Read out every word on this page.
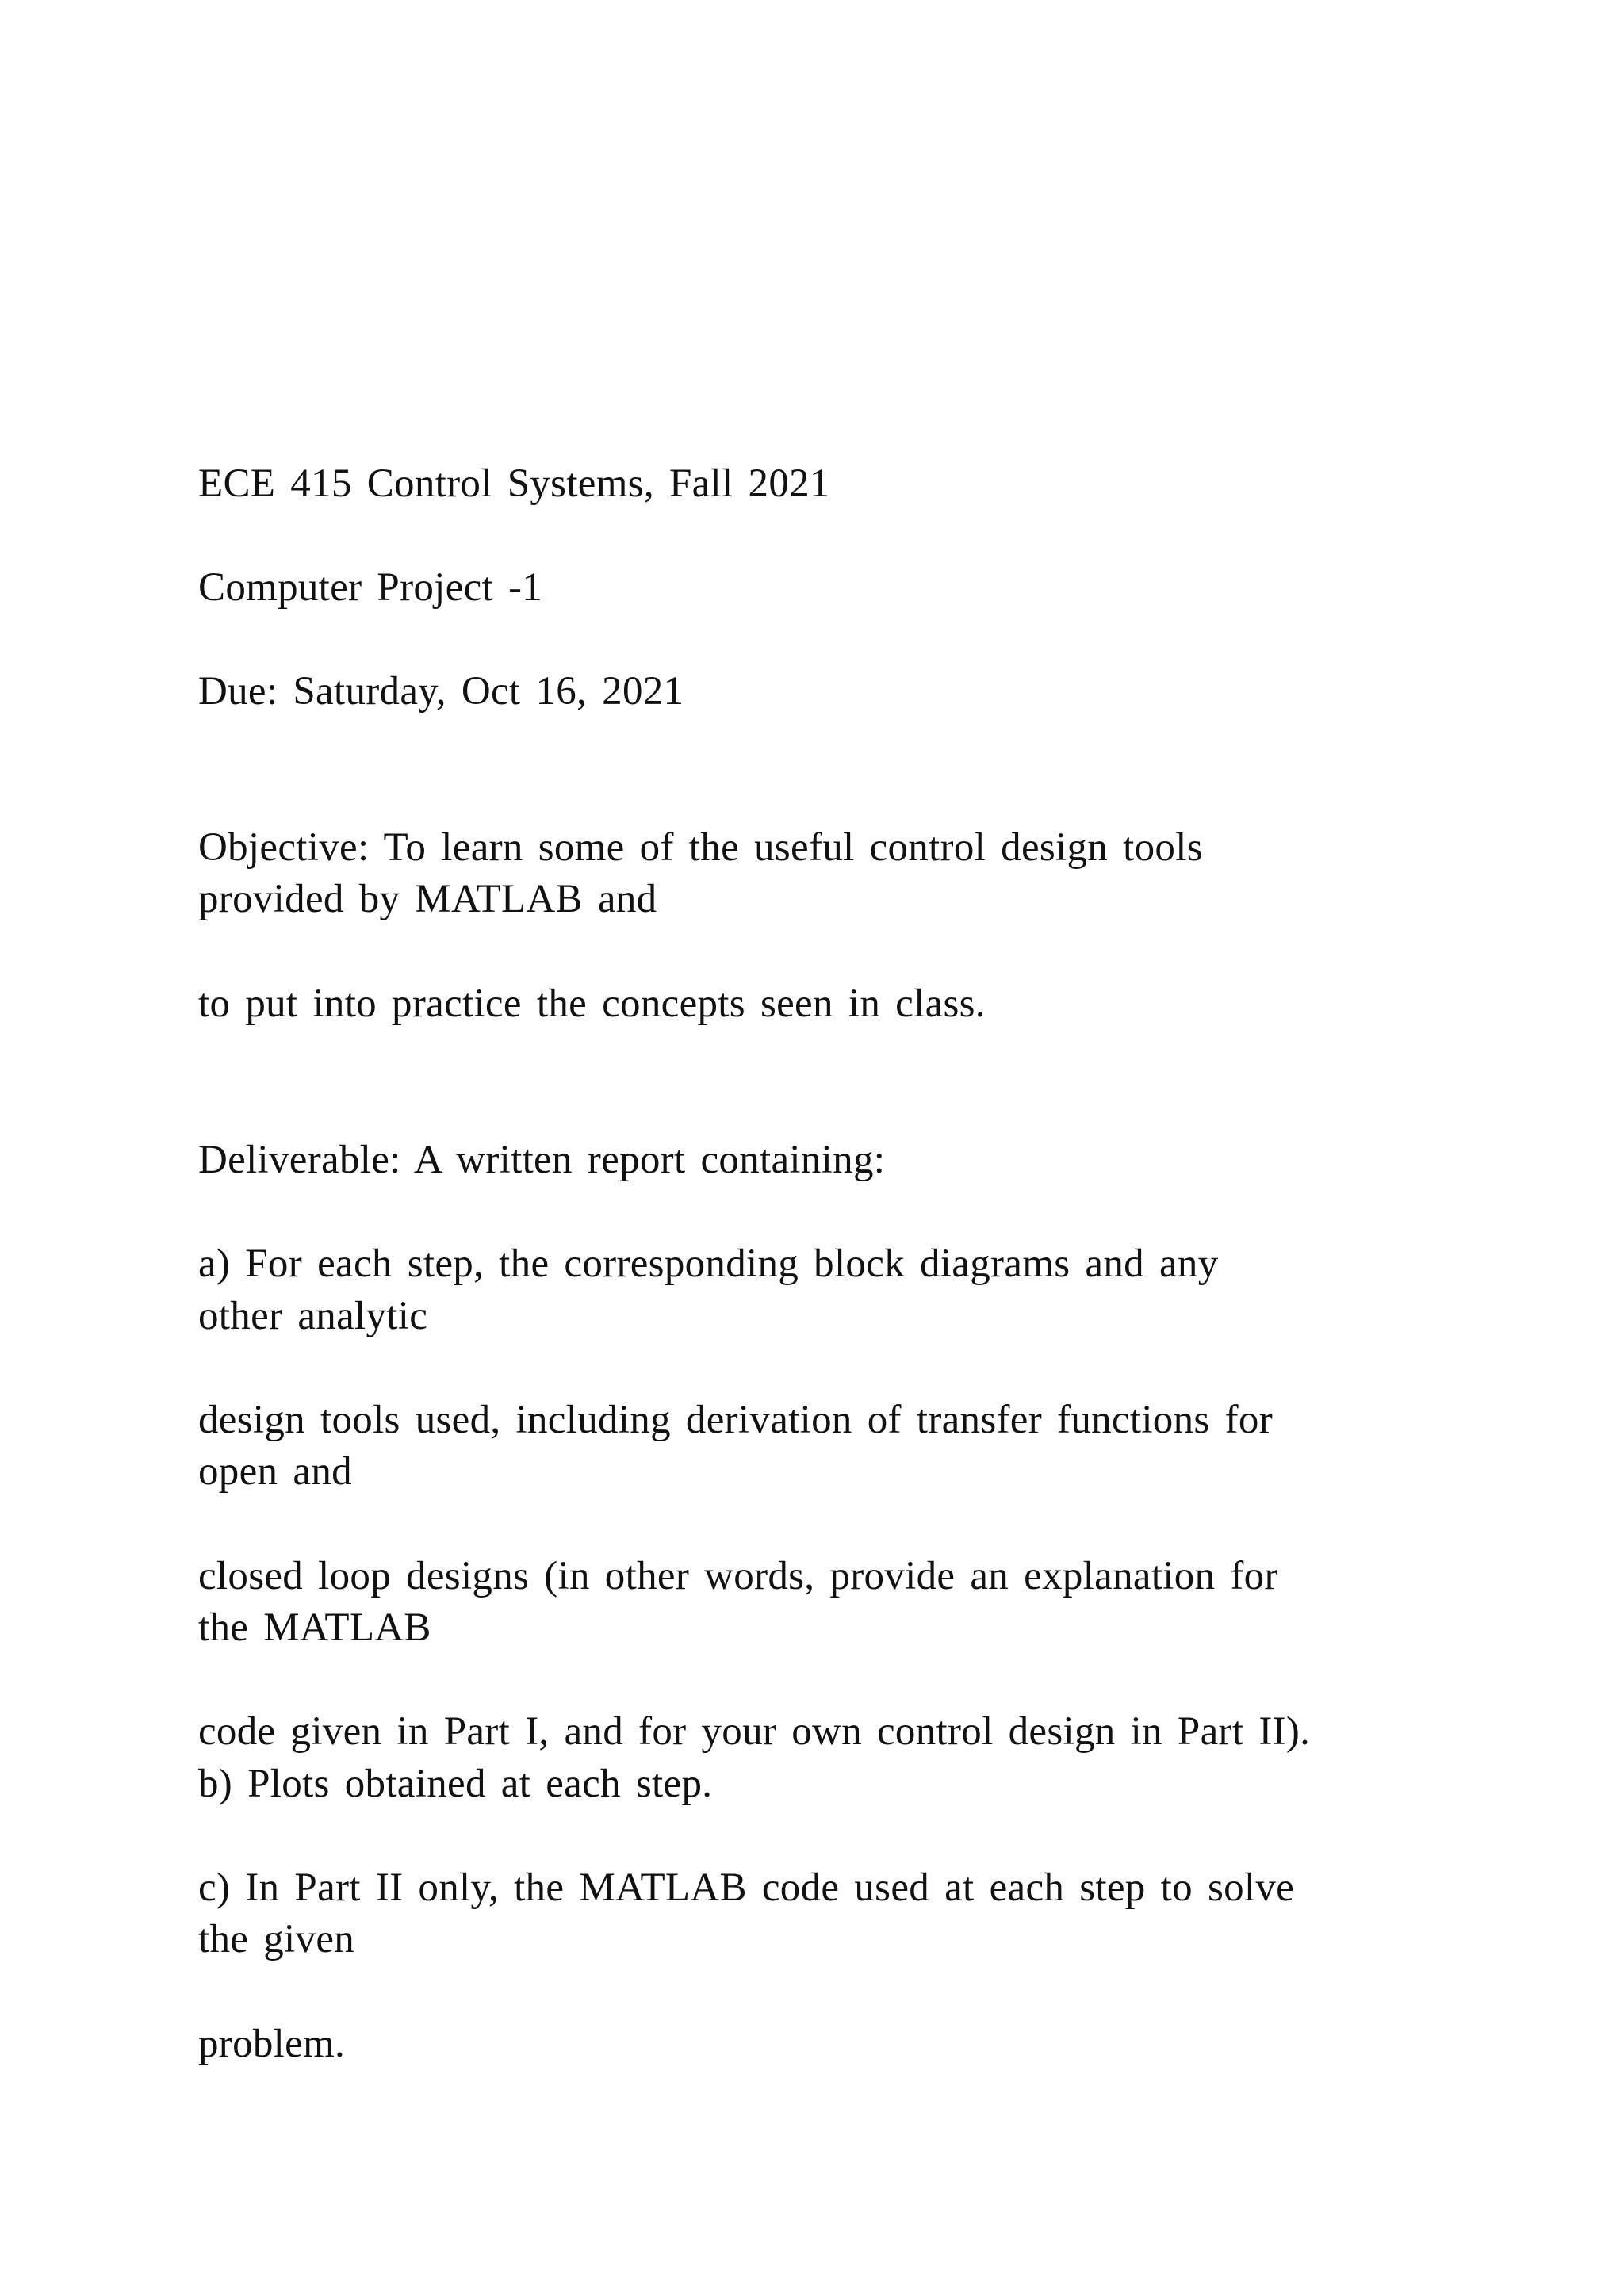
ECE 415 Control Systems, Fall 2021
Computer Project -1
Due: Saturday, Oct 16, 2021
Objective: To learn some of the useful control design tools
provided by MATLAB and
to put into practice the concepts seen in class.
Deliverable: A written report containing:
a) For each step, the corresponding block diagrams and any
other analytic
design tools used, including derivation of transfer functions for
open and
closed loop designs (in other words, provide an explanation for
the MATLAB
code given in Part I, and for your own control design in Part II).
b) Plots obtained at each step.
c) In Part II only, the MATLAB code used at each step to solve
the given
problem.
